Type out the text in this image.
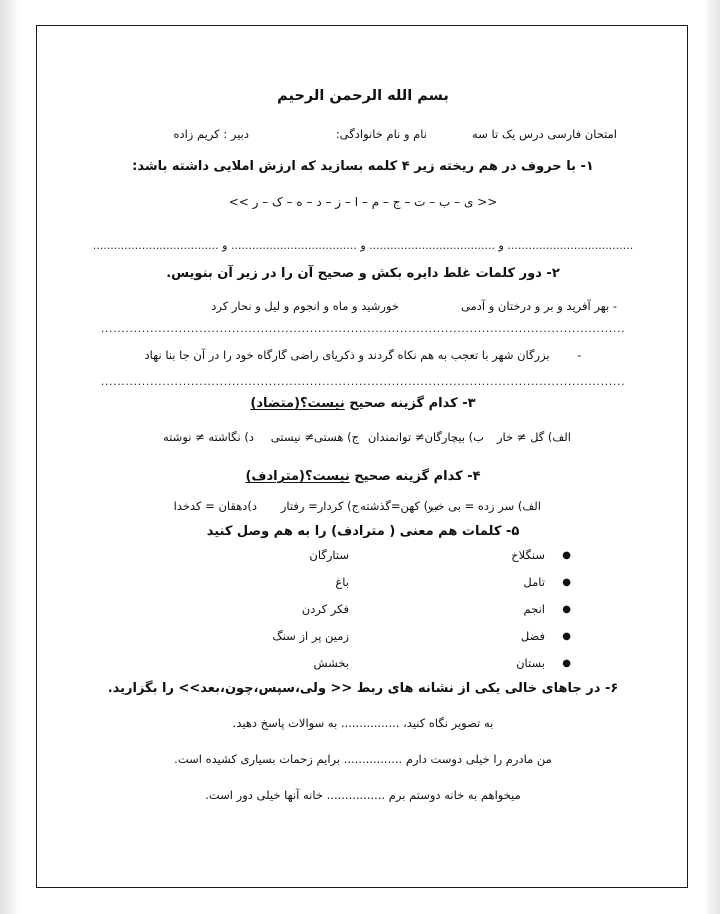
بسم الله الرحمن الرحیم
امتحان فارسی درس یک تا سه
نام و نام خانوادگی:
دبیر : کریم زاده
۱- با حروف در هم ریخته زیر ۴ کلمه بسازید که ارزش املایی داشته باشد:
<< ی – ب – ت – ج – م – ا – ز – د – ه – ک – ر >>
.................................... و .................................... و .................................... و ....................................
۲- دور کلمات غلط دایره بکش و صحیح آن را در زیر آن بنویس.
- بهر آفرید و بر و درختان و آدمی
خورشید و ماه و انجوم و لیل و نحار کرد
................................................................................................................................
- بزرگان شهر با تعجب به هم نکاه گردند و ذکریای راضی گارگاه خود را در آن جا بنا نهاد
................................................................................................................................
۳- کدام گزینه صحیح نیست؟(متضاد)
الف) گل ≠ خار
ب) بیچارگان≠ توانمندان
ج) هستی≠ نیستی
د) نگاشته ≠ نوشته
۴- کدام گزینه صحیح نیست؟(مترادف)
الف) سر زده = بی خبر
ب) کهن=گذشته
ج) کردار= رفتار
د)دهقان = کدخدا
۵- کلمات هم معنی ( مترادف) را به هم وصل کنید
●
سنگلاخ
ستارگان
●
تامل
باغ
●
انجم
فکر کردن
●
فضل
زمین پر از سنگ
●
بستان
بخشش
۶- در جاهای خالی یکی از نشانه های ربط << ولی،سپس،چون،بعد>> را بگزارید.
به تصویر نگاه کنید، ................ به سوالات پاسخ دهید.
من مادرم را خیلی دوست دارم ................ برایم زحمات بسیاری کشیده است.
میخواهم به خانه دوستم برم ................ خانه آنها خیلی دور است.
